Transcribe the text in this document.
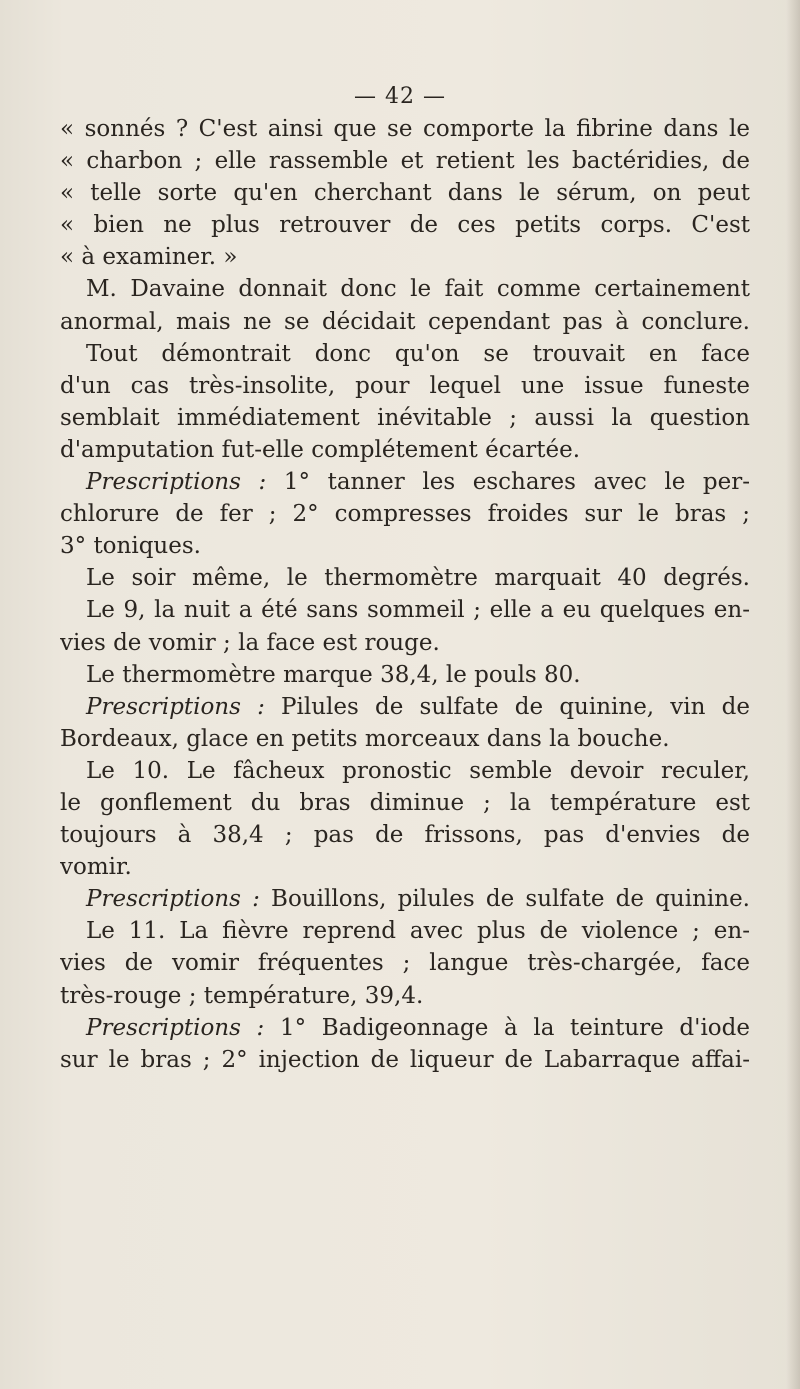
— 42 —
« sonnés ? C'est ainsi que se comporte la fibrine dans le
« charbon ; elle rassemble et retient les bactéridies, de
« telle sorte qu'en cherchant dans le sérum, on peut
« bien ne plus retrouver de ces petits corps. C'est
« à examiner. »
M. Davaine donnait donc le fait comme certainement
anormal, mais ne se décidait cependant pas à conclure.
Tout démontrait donc qu'on se trouvait en face
d'un cas très-insolite, pour lequel une issue funeste
semblait immédiatement inévitable ; aussi la question
d'amputation fut-elle complétement écartée.
Prescriptions : 1° tanner les eschares avec le per-
chlorure de fer ; 2° compresses froides sur le bras ;
3° toniques.
Le soir même, le thermomètre marquait 40 degrés.
Le 9, la nuit a été sans sommeil ; elle a eu quelques en-
vies de vomir ; la face est rouge.
Le thermomètre marque 38,4, le pouls 80.
Prescriptions : Pilules de sulfate de quinine, vin de
Bordeaux, glace en petits morceaux dans la bouche.
Le 10. Le fâcheux pronostic semble devoir reculer,
le gonflement du bras diminue ; la température est
toujours à 38,4 ; pas de frissons, pas d'envies de
vomir.
Prescriptions : Bouillons, pilules de sulfate de quinine.
Le 11. La fièvre reprend avec plus de violence ; en-
vies de vomir fréquentes ; langue très-chargée, face
très-rouge ; température, 39,4.
Prescriptions : 1° Badigeonnage à la teinture d'iode
sur le bras ; 2° injection de liqueur de Labarraque affai-
